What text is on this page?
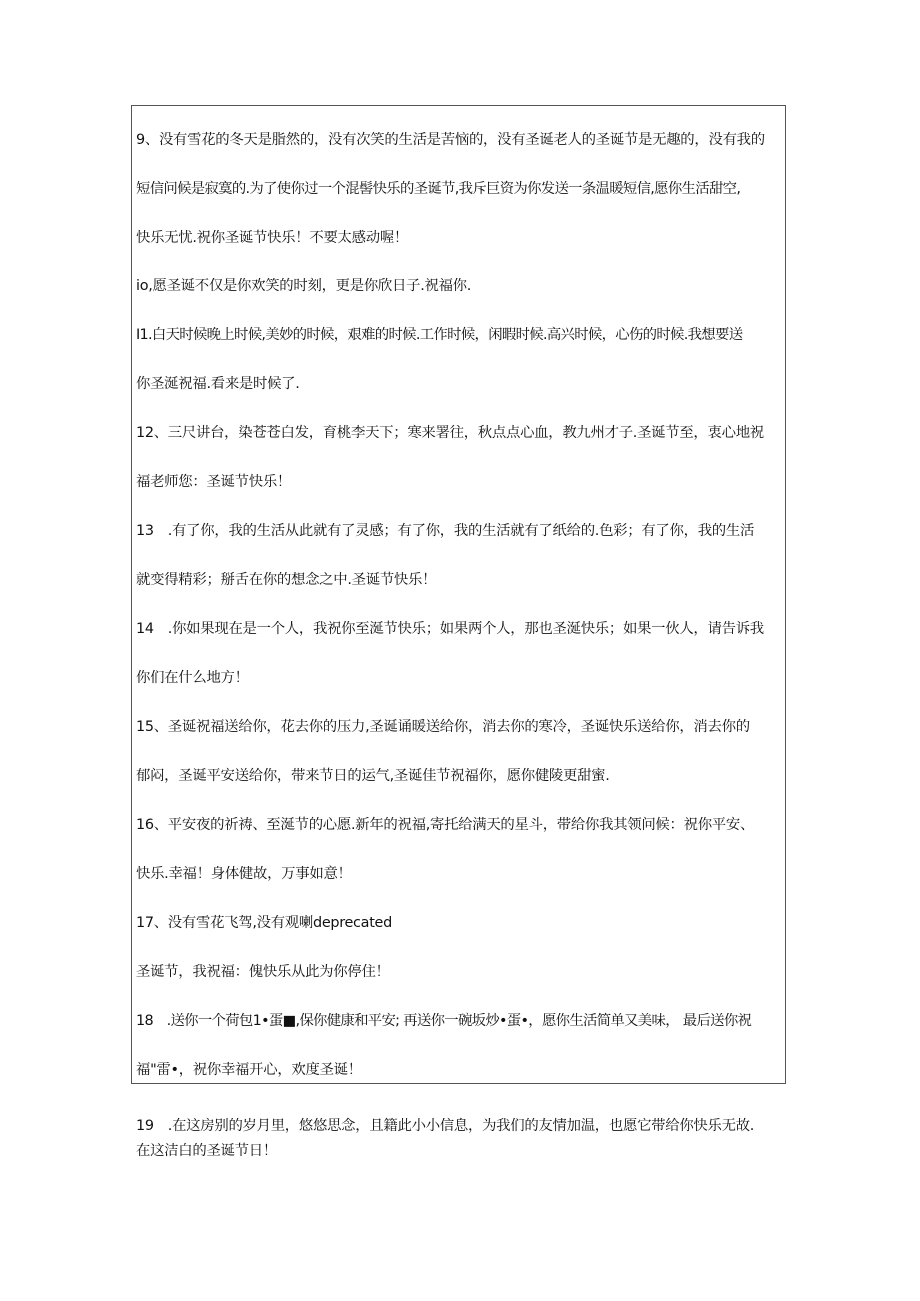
9、没有雪花的冬天是脂然的，没有次笑的生活是苦恼的，没有圣诞老人的圣诞节是无趣的，没有我的
短信问候是寂寞的.为了使你过一个混髻快乐的圣诞节,我斥巨资为你发送一条温暖短信,愿你生活甜空,
快乐无忧.祝你圣诞节快乐！不要太感动喔！
io,愿圣诞不仅是你欢笑的时刻，更是你欣日子.祝福你.
I1.白天时候晚上时候,美妙的时候，艰难的时候.工作时候，闲暇时候.高兴时候，心伤的时候.我想要送
你圣涎祝福.看来是时候了.
12、三尺讲台，染苍苍白发，育桃李天下；寒来署往，秋点点心血，教九州才子.圣诞节至，衷心地祝
福老师您：圣诞节快乐！
13　.有了你，我的生活从此就有了灵感；有了你，我的生活就有了纸给的.色彩；有了你，我的生活
就变得精彩；掰舌在你的想念之中.圣诞节快乐！
14　.你如果现在是一个人，我祝你至涎节快乐；如果两个人，那也圣涎快乐；如果一伙人，请告诉我
你们在什么地方！
15、圣诞祝福送给你，花去你的压力,圣诞诵暖送给你，消去你的寒冷，圣诞快乐送给你，消去你的
郁闷，圣诞平安送给你，带来节日的运气,圣诞佳节祝福你，愿你健陵更甜蜜.
16、平安夜的祈祷、至涎节的心愿.新年的祝福,寄托给满天的星斗，带给你我其领问候：祝你平安、
快乐.幸福！身体健故，万事如意！
17、没有雪花飞驾,没有观喇deprecated
圣诞节，我祝福：傀快乐从此为你停住！
18　.送你一个荷包1•蛋■,保你健康和平安; 再送你一碗坂炒•蛋•，愿你生活简单又美味， 最后送你祝
福"雷•，祝你幸福开心，欢度圣诞！
19　.在这房别的岁月里，悠悠思念，且籍此小小信息，为我们的友情加温，也愿它带给你快乐无故.
在这洁白的圣诞节日！
